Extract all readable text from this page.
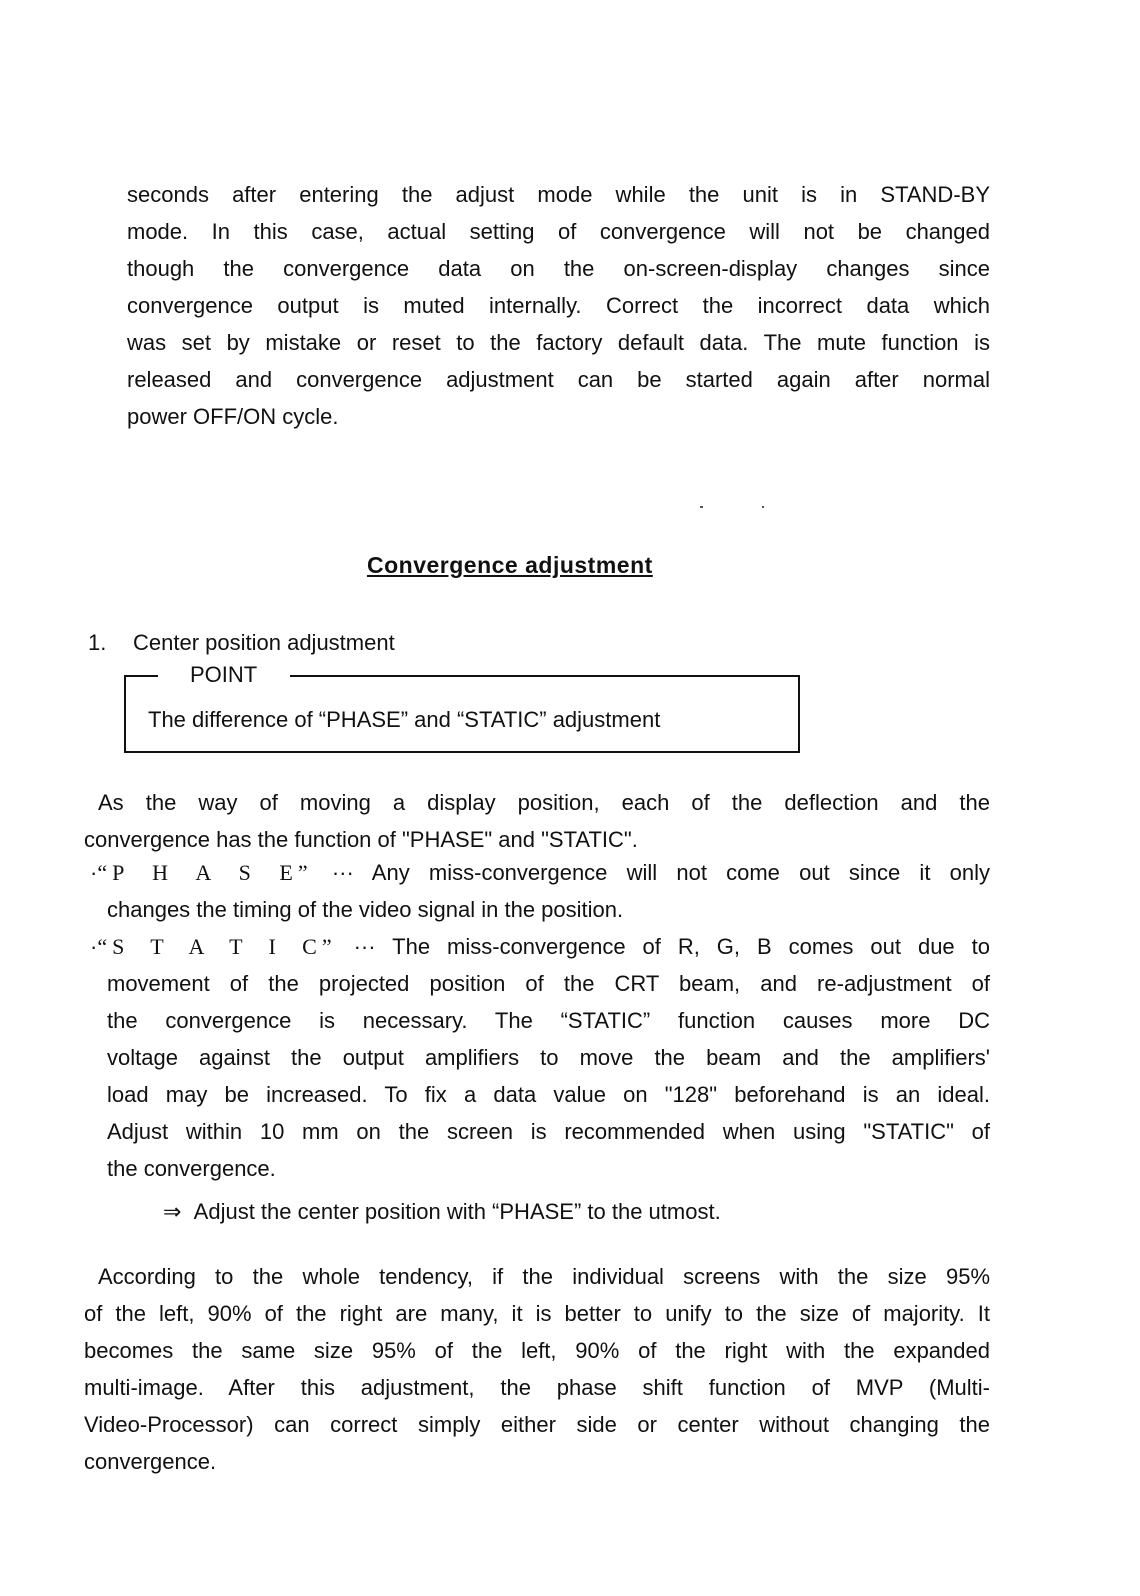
seconds after entering the adjust mode while the unit is in STAND-BY
mode. In this case, actual setting of convergence will not be changed
though the convergence data on the on-screen-display changes since
convergence output is muted internally. Correct the incorrect data which
was set by mistake or reset to the factory default data. The mute function is
released and convergence adjustment can be started again after normal
power OFF/ON cycle.
Convergence adjustment
1. Center position adjustment
POINT
The difference of “PHASE” and “STATIC” adjustment
As the way of moving a display position, each of the deflection and the
convergence has the function of "PHASE" and "STATIC".
·“P H A S E” ··· Any miss-convergence will not come out since it only
changes the timing of the video signal in the position.
·“S T A T I C” ··· The miss-convergence of R, G, B comes out due to
movement of the projected position of the CRT beam, and re-adjustment of
the convergence is necessary. The “STATIC” function causes more DC
voltage against the output amplifiers to move the beam and the amplifiers'
load may be increased. To fix a data value on "128" beforehand is an ideal.
Adjust within 10 mm on the screen is recommended when using "STATIC" of
the convergence.
⇒ Adjust the center position with “PHASE” to the utmost.
According to the whole tendency, if the individual screens with the size 95%
of the left, 90% of the right are many, it is better to unify to the size of majority. It
becomes the same size 95% of the left, 90% of the right with the expanded
multi-image. After this adjustment, the phase shift function of MVP (Multi-
Video-Processor) can correct simply either side or center without changing the
convergence.
